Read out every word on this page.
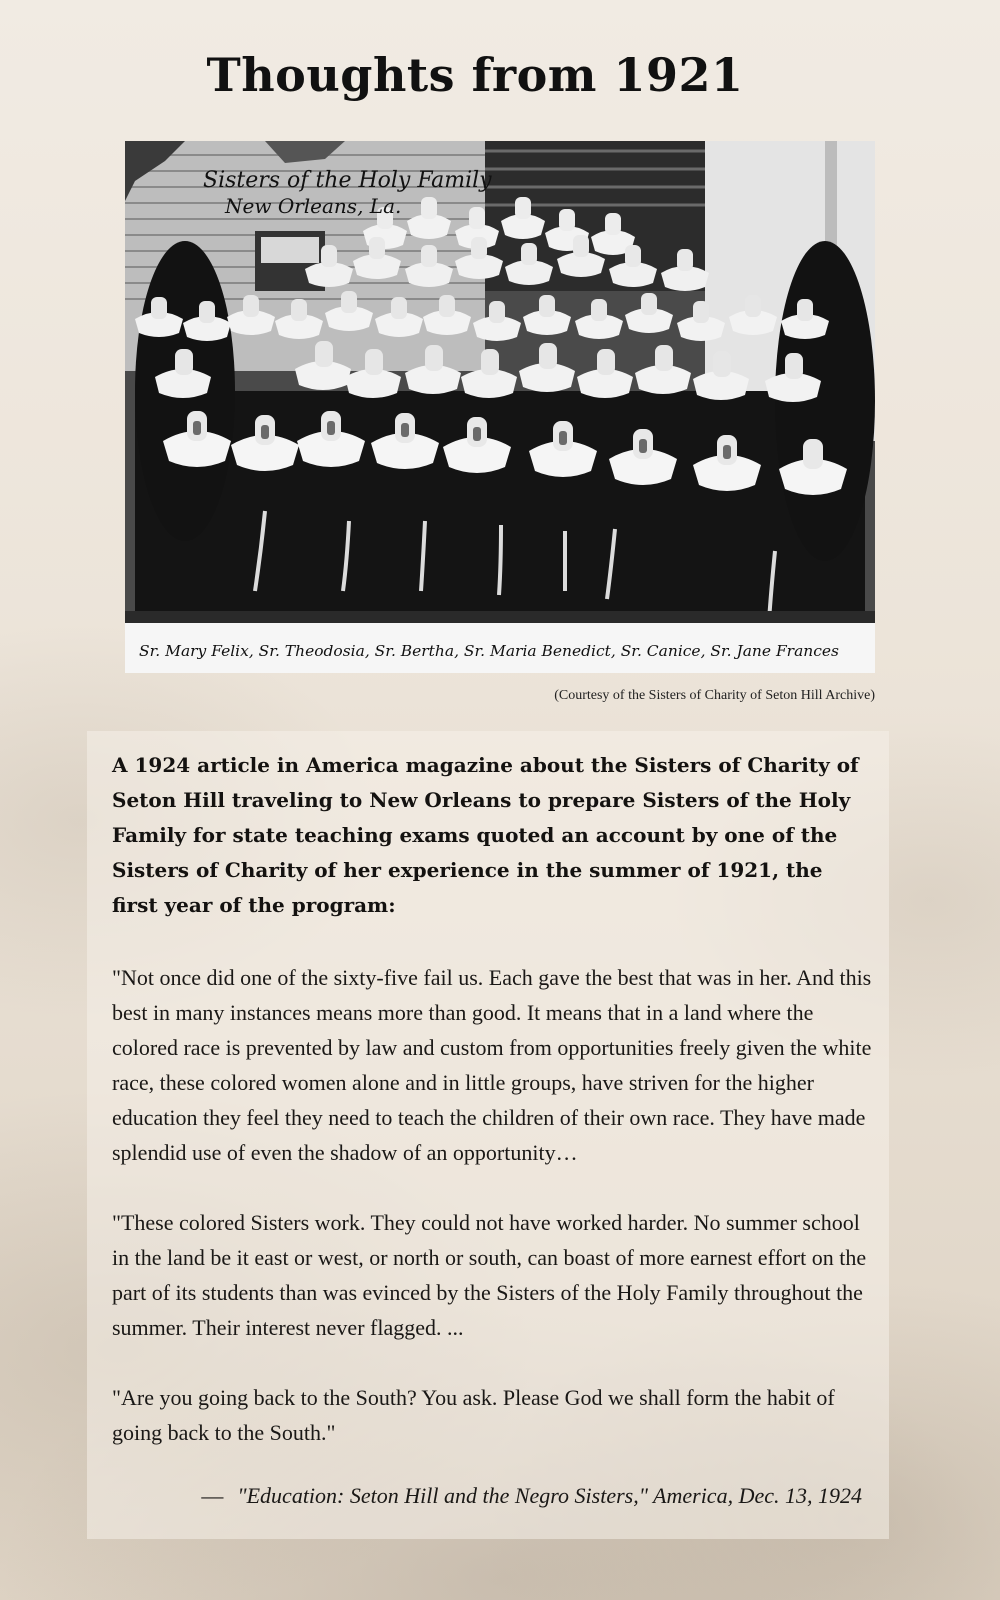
Thoughts from 1921
Sisters of the Holy Family
New Orleans, La.
Sr. Mary Felix, Sr. Theodosia, Sr. Bertha, Sr. Maria Benedict, Sr. Canice, Sr. Jane Frances
(Courtesy of the Sisters of Charity of Seton Hill Archive)

A 1924 article in America magazine about the Sisters of Charity of Seton Hill traveling to New Orleans to prepare Sisters of the Holy Family for state teaching exams quoted an account by one of the Sisters of Charity of her experience in the summer of 1921, the first year of the program:

"Not once did one of the sixty-five fail us. Each gave the best that was in her. And this best in many instances means more than good. It means that in a land where the colored race is prevented by law and custom from opportunities freely given the white race, these colored women alone and in little groups, have striven for the higher education they feel they need to teach the children of their own race. They have made splendid use of even the shadow of an opportunity…

"These colored Sisters work. They could not have worked harder. No summer school in the land be it east or west, or north or south, can boast of more earnest effort on the part of its students than was evinced by the Sisters of the Holy Family throughout the summer. Their interest never flagged. ...

"Are you going back to the South? You ask. Please God we shall form the habit of going back to the South."

— "Education: Seton Hill and the Negro Sisters," America, Dec. 13, 1924
